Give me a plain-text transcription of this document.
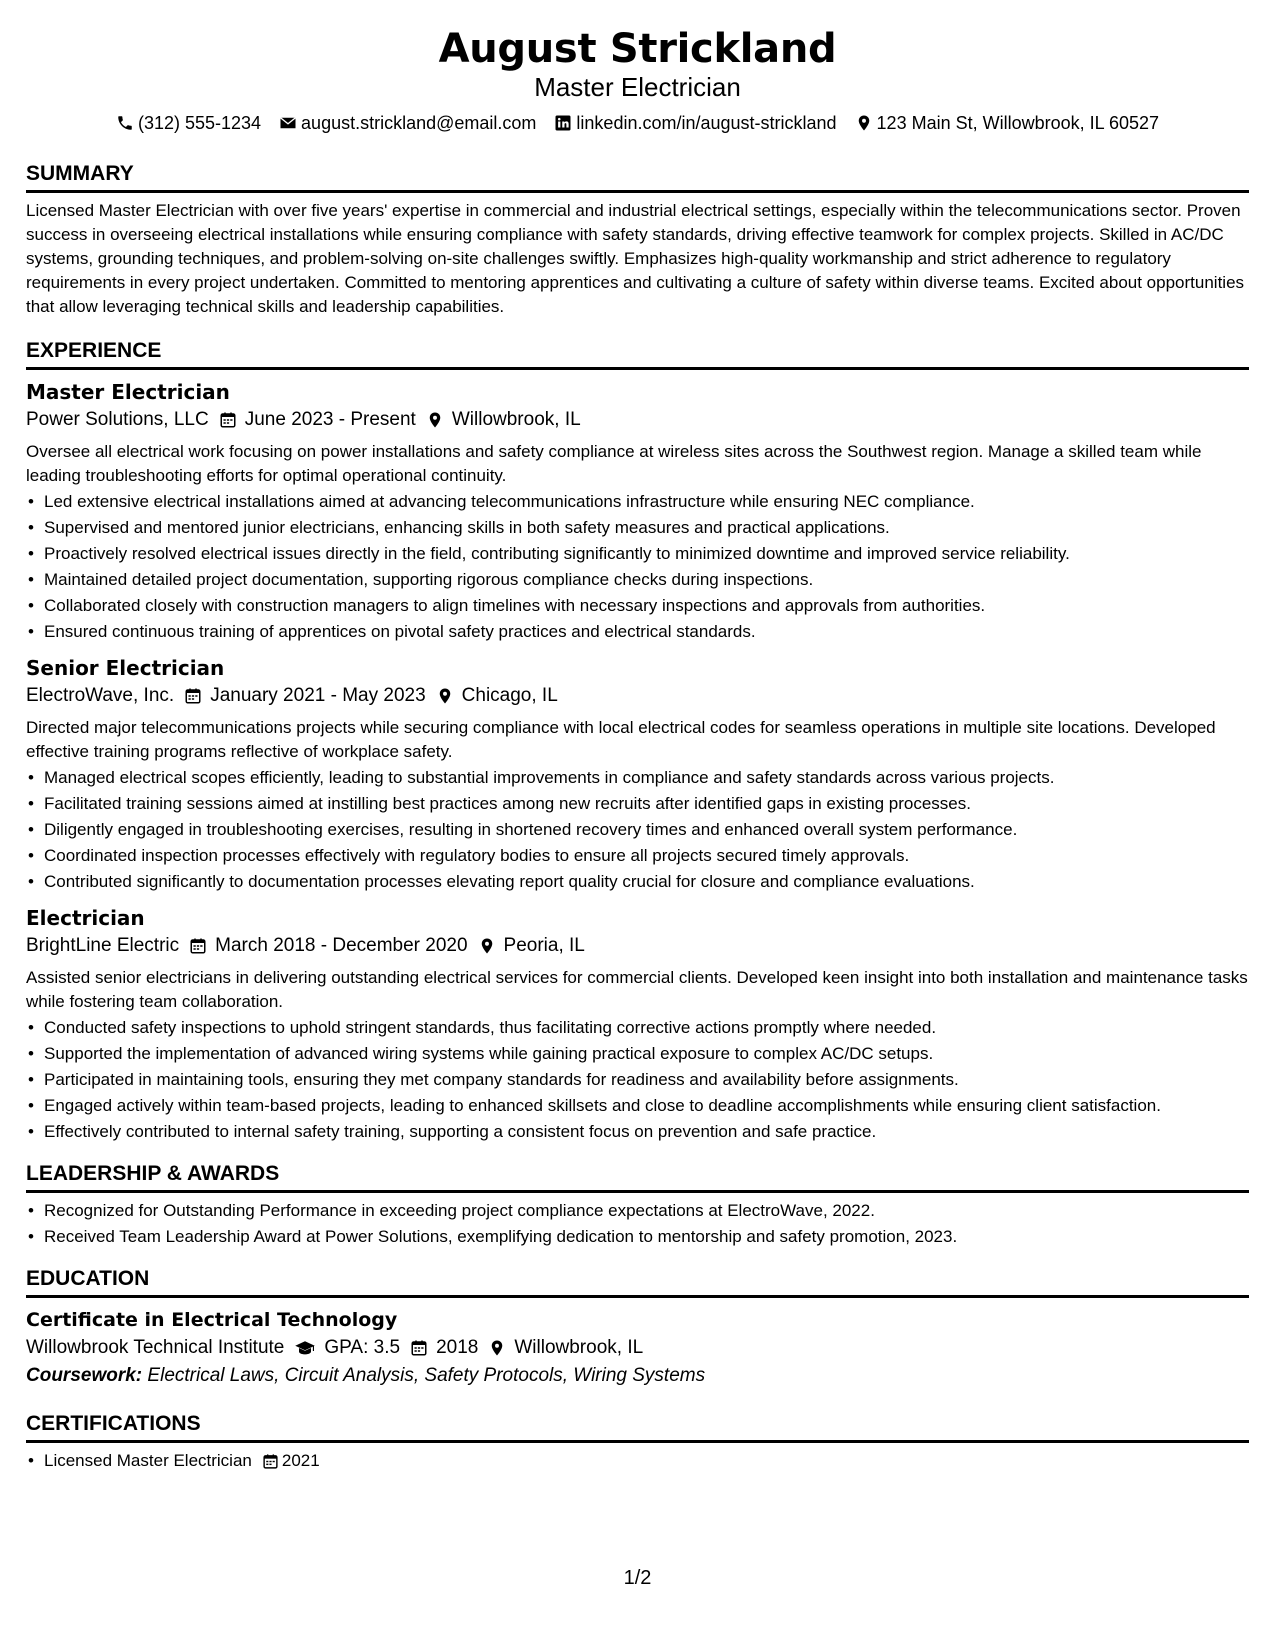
August Strickland
Master Electrician
(312) 555-1234 august.strickland@email.com linkedin.com/in/august-strickland 123 Main St, Willowbrook, IL 60527
SUMMARY

Licensed Master Electrician with over five years' expertise in commercial and industrial electrical settings, especially within the telecommunications sector. Proven success in overseeing electrical installations while ensuring compliance with safety standards, driving effective teamwork for complex projects. Skilled in AC/DC systems, grounding techniques, and problem-solving on-site challenges swiftly. Emphasizes high-quality workmanship and strict adherence to regulatory requirements in every project undertaken. Committed to mentoring apprentices and cultivating a culture of safety within diverse teams. Excited about opportunities that allow leveraging technical skills and leadership capabilities.

EXPERIENCE
Master Electrician
Power Solutions, LLC June 2023 - Present Willowbrook, IL

Oversee all electrical work focusing on power installations and safety compliance at wireless sites across the Southwest region. Manage a skilled team while leading troubleshooting efforts for optimal operational continuity.

• Led extensive electrical installations aimed at advancing telecommunications infrastructure while ensuring NEC compliance.
• Supervised and mentored junior electricians, enhancing skills in both safety measures and practical applications.
• Proactively resolved electrical issues directly in the field, contributing significantly to minimized downtime and improved service reliability.
• Maintained detailed project documentation, supporting rigorous compliance checks during inspections.
• Collaborated closely with construction managers to align timelines with necessary inspections and approvals from authorities.
• Ensured continuous training of apprentices on pivotal safety practices and electrical standards.
Senior Electrician
ElectroWave, Inc. January 2021 - May 2023 Chicago, IL

Directed major telecommunications projects while securing compliance with local electrical codes for seamless operations in multiple site locations. Developed effective training programs reflective of workplace safety.

• Managed electrical scopes efficiently, leading to substantial improvements in compliance and safety standards across various projects.
• Facilitated training sessions aimed at instilling best practices among new recruits after identified gaps in existing processes.
• Diligently engaged in troubleshooting exercises, resulting in shortened recovery times and enhanced overall system performance.
• Coordinated inspection processes effectively with regulatory bodies to ensure all projects secured timely approvals.
• Contributed significantly to documentation processes elevating report quality crucial for closure and compliance evaluations.
Electrician
BrightLine Electric March 2018 - December 2020 Peoria, IL

Assisted senior electricians in delivering outstanding electrical services for commercial clients. Developed keen insight into both installation and maintenance tasks while fostering team collaboration.

• Conducted safety inspections to uphold stringent standards, thus facilitating corrective actions promptly where needed.
• Supported the implementation of advanced wiring systems while gaining practical exposure to complex AC/DC setups.
• Participated in maintaining tools, ensuring they met company standards for readiness and availability before assignments.
• Engaged actively within team-based projects, leading to enhanced skillsets and close to deadline accomplishments while ensuring client satisfaction.
• Effectively contributed to internal safety training, supporting a consistent focus on prevention and safe practice.
LEADERSHIP & AWARDS
• Recognized for Outstanding Performance in exceeding project compliance expectations at ElectroWave, 2022.
• Received Team Leadership Award at Power Solutions, exemplifying dedication to mentorship and safety promotion, 2023.
EDUCATION
Certificate in Electrical Technology
Willowbrook Technical Institute GPA: 3.5 2018 Willowbrook, IL
Coursework: Electrical Laws, Circuit Analysis, Safety Protocols, Wiring Systems
CERTIFICATIONS
• Licensed Master Electrician 2021
1/2
